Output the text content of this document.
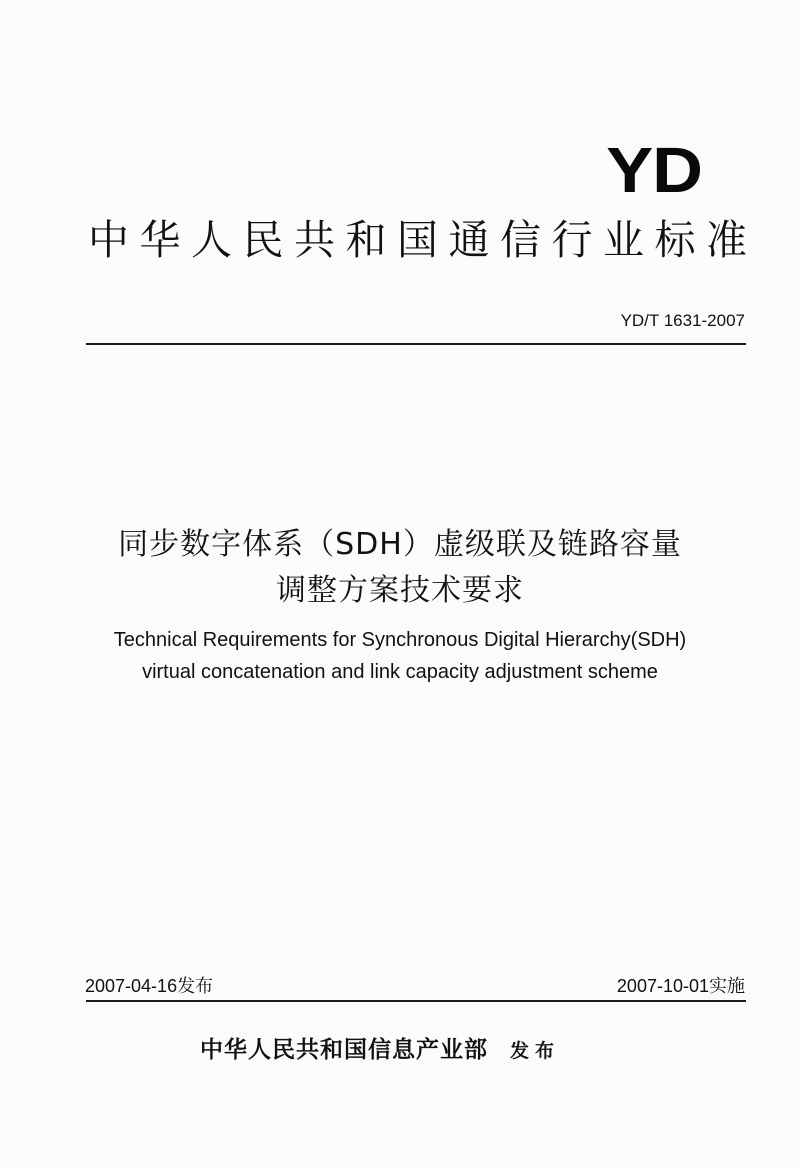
YD
中华人民共和国通信行业标准
YD/T 1631-2007
同步数字体系（SDH）虚级联及链路容量
调整方案技术要求
Technical Requirements for Synchronous Digital Hierarchy(SDH)
virtual concatenation and link capacity adjustment scheme
2007-04-16发布	2007-10-01实施
中华人民共和国信息产业部 发布
